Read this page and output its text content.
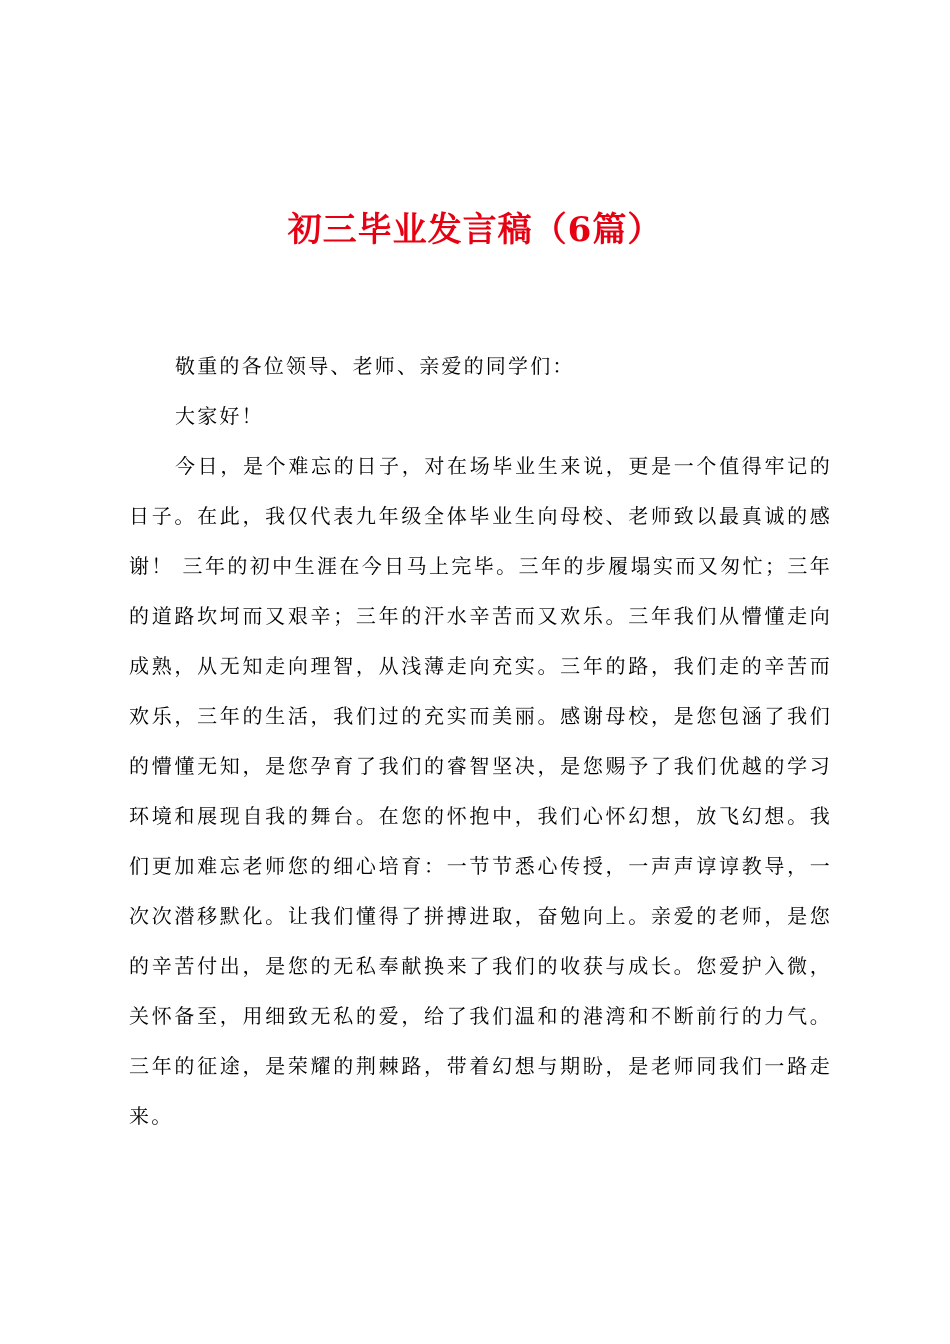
初三毕业发言稿（6篇）

敬重的各位领导、老师、亲爱的同学们：

大家好！

今日，是个难忘的日子，对在场毕业生来说，更是一个值得牢记的日子。在此，我仅代表九年级全体毕业生向母校、老师致以最真诚的感谢！ 三年的初中生涯在今日马上完毕。三年的步履塌实而又匆忙；三年的道路坎坷而又艰辛；三年的汗水辛苦而又欢乐。三年我们从懵懂走向成熟，从无知走向理智，从浅薄走向充实。三年的路，我们走的辛苦而欢乐，三年的生活，我们过的充实而美丽。感谢母校，是您包涵了我们的懵懂无知，是您孕育了我们的睿智坚决，是您赐予了我们优越的学习环境和展现自我的舞台。在您的怀抱中，我们心怀幻想，放飞幻想。我们更加难忘老师您的细心培育：一节节悉心传授，一声声谆谆教导，一次次潜移默化。让我们懂得了拼搏进取，奋勉向上。亲爱的老师，是您的辛苦付出，是您的无私奉献换来了我们的收获与成长。您爱护入微，关怀备至，用细致无私的爱，给了我们温和的港湾和不断前行的力气。三年的征途，是荣耀的荆棘路，带着幻想与期盼，是老师同我们一路走来。
